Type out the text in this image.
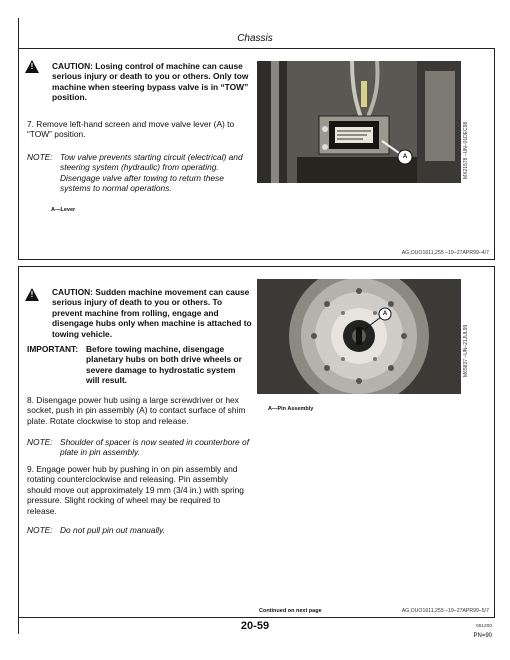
Chassis
! CAUTION: Losing control of machine can cause serious injury or death to you or others. Only tow machine when steering bypass valve is in “TOW” position.
7. Remove left-hand screen and move valve lever (A) to “TOW” position.
NOTE: Tow valve prevents starting circuit (electrical) and steering system (hydraulic) from operating. Disengage valve after towing to return these systems to normal operations.
A—Lever
A	MX21578 –UN–01DEC98
AG,OUO1611,255 –19–27APR99–4/7
! CAUTION: Sudden machine movement can cause serious injury of death to you or others. To prevent machine from rolling, engage and disengage hubs only when machine is attached to towing vehicle.
IMPORTANT: Before towing machine, disengage planetary hubs on both drive wheels or severe damage to hydrostatic system will result.
8. Disengage power hub using a large screwdriver or hex socket, push in pin assembly (A) to contact surface of shim plate. Rotate clockwise to stop and release.
NOTE: Shoulder of spacer is now seated in counterbore of plate in pin assembly.
9. Engage power hub by pushing in on pin assembly and rotating counterclockwise and releasing. Pin assembly should move out approximately 19 mm (3/4 in.) with spring pressure. Slight rocking of wheel may be required to release.
NOTE: Do not pull pin out manually.
A—Pin Assembly
A
M65837 –UN–21JUL99
Continued on next page	AG,OUO1611,255 –19–27APR99–5/7
20-59	061200
PN=90
